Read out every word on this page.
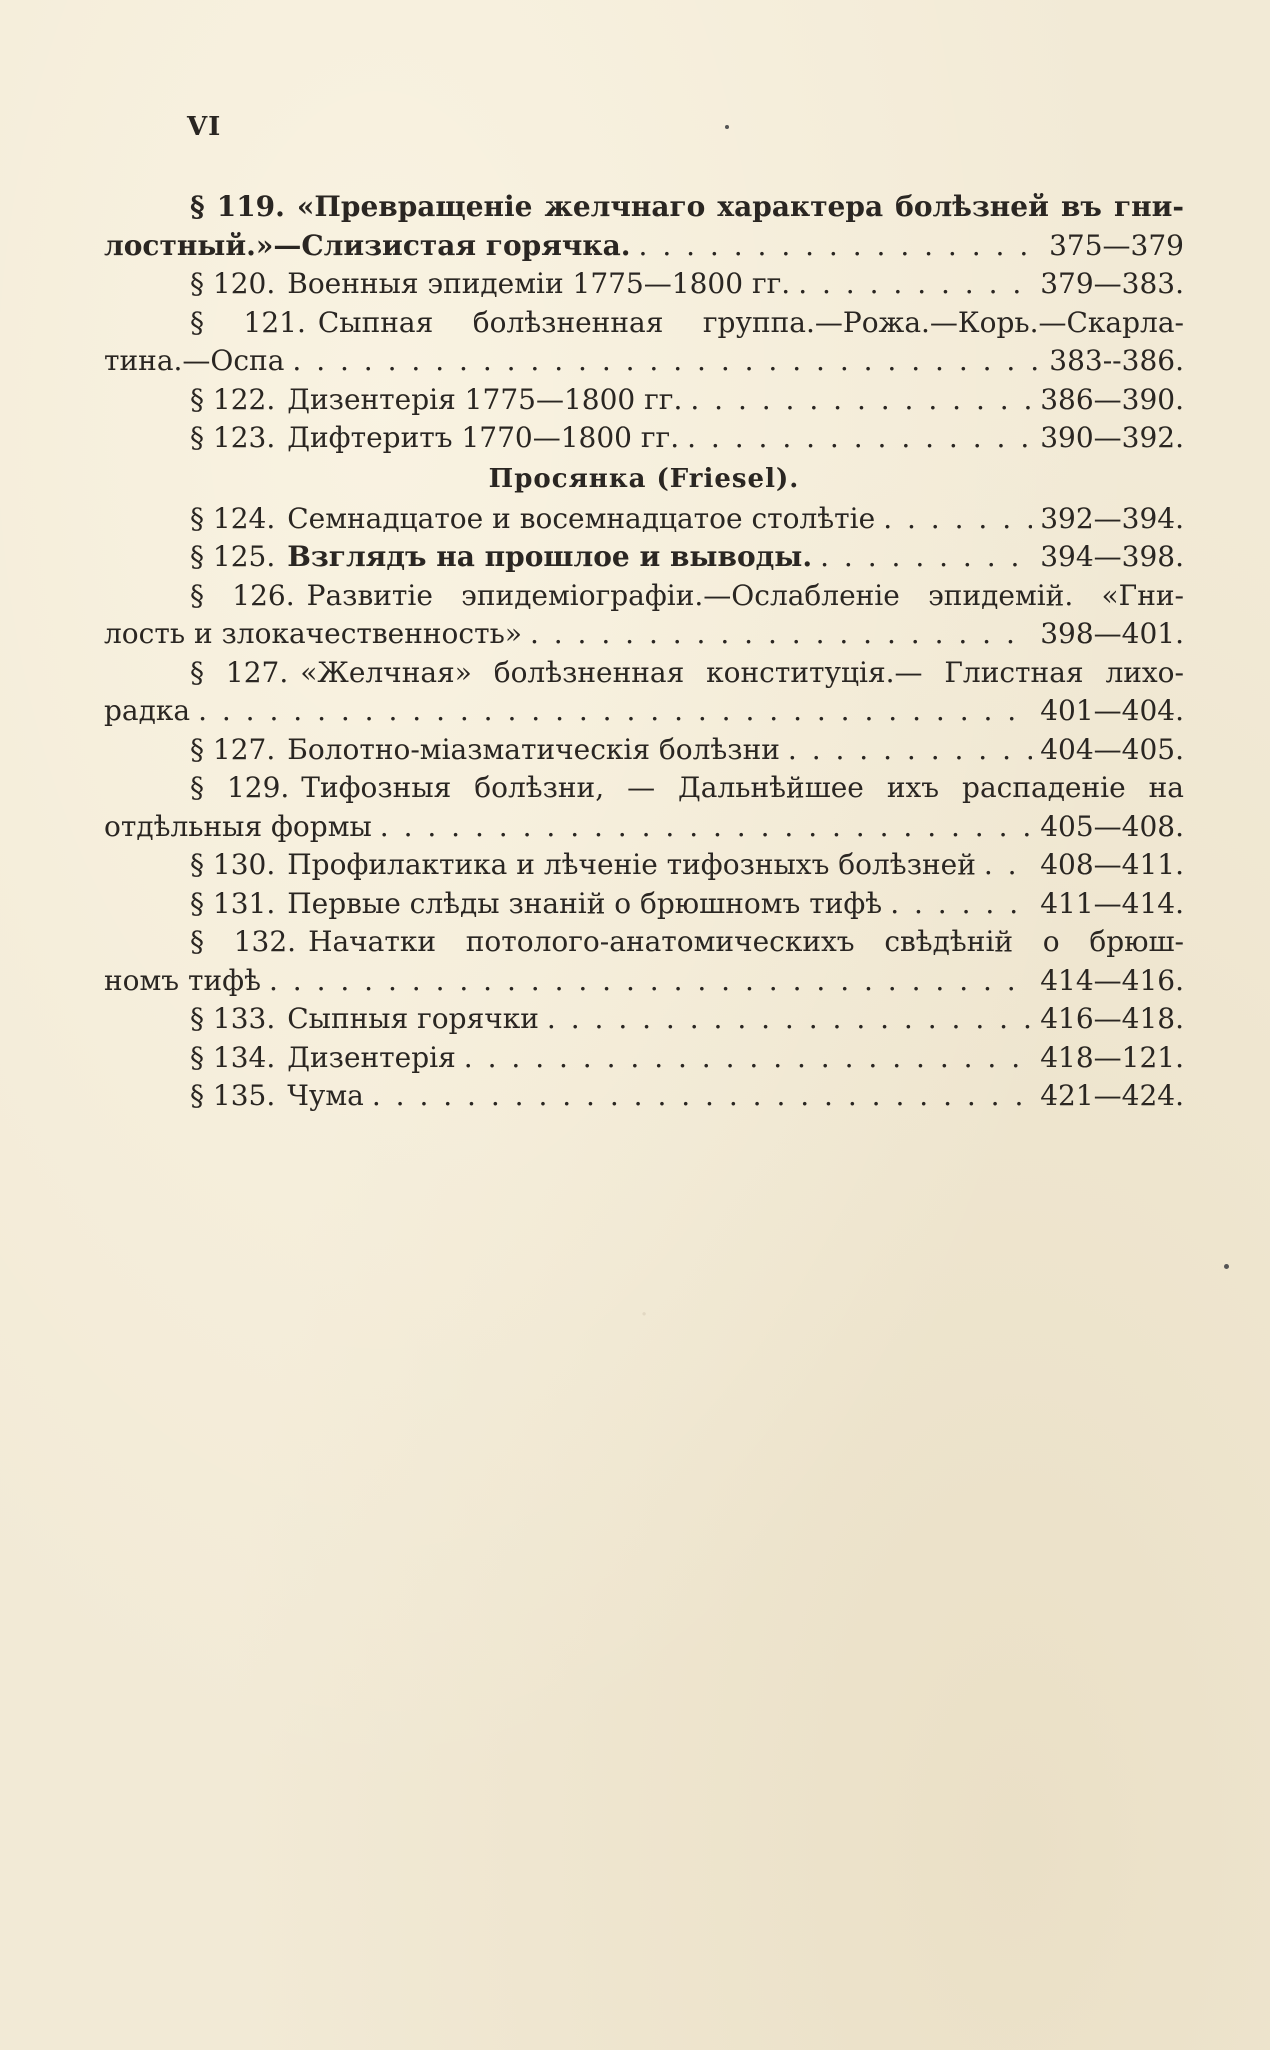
VI
·
§ 119. «Превращеніе желчнаго характера болѣзней въ гни-
лостный.»—Слизистая горячка. . . .	375—379
§ 120. Военныя эпидеміи 1775—1800 гг. . . .	379—383.
§ 121. Сыпная болѣзненная группа.—Рожа.—Корь.—Скарла-
тина.—Оспа . . .	383--386.
§ 122. Дизентерія 1775—1800 гг. . . .	386—390.
§ 123. Дифтеритъ 1770—1800 гг. . . .	390—392.
Просянка (Friesel).
§ 124. Семнадцатое и восемнадцатое столѣтіе . . .	392—394.
§ 125. Взглядъ на прошлое и выводы. . . .	394—398.
§ 126. Развитіе эпидеміографіи.—Ослабленіе эпидемій. «Гни-
лость и злокачественность» . . .	398—401.
§ 127. «Желчная» болѣзненная конституція.— Глистная лихо-
радка . . .	401—404.
§ 127. Болотно-міазматическія болѣзни . . .	404—405.
§ 129. Тифозныя болѣзни, — Дальнѣйшее ихъ распаденіе на
отдѣльныя формы . . .	405—408.
§ 130. Профилактика и лѣченіе тифозныхъ болѣзней . . . 408—411.
§ 131. Первые слѣды знаній о брюшномъ тифѣ . . .	411—414.
§ 132. Начатки потолого-анатомическихъ свѣдѣній о брюш-
номъ тифѣ . . .	414—416.
§ 133. Сыпныя горячки . . .	416—418.
§ 134. Дизентерія . . .	418—121.
§ 135. Чума . . .	421—424.
